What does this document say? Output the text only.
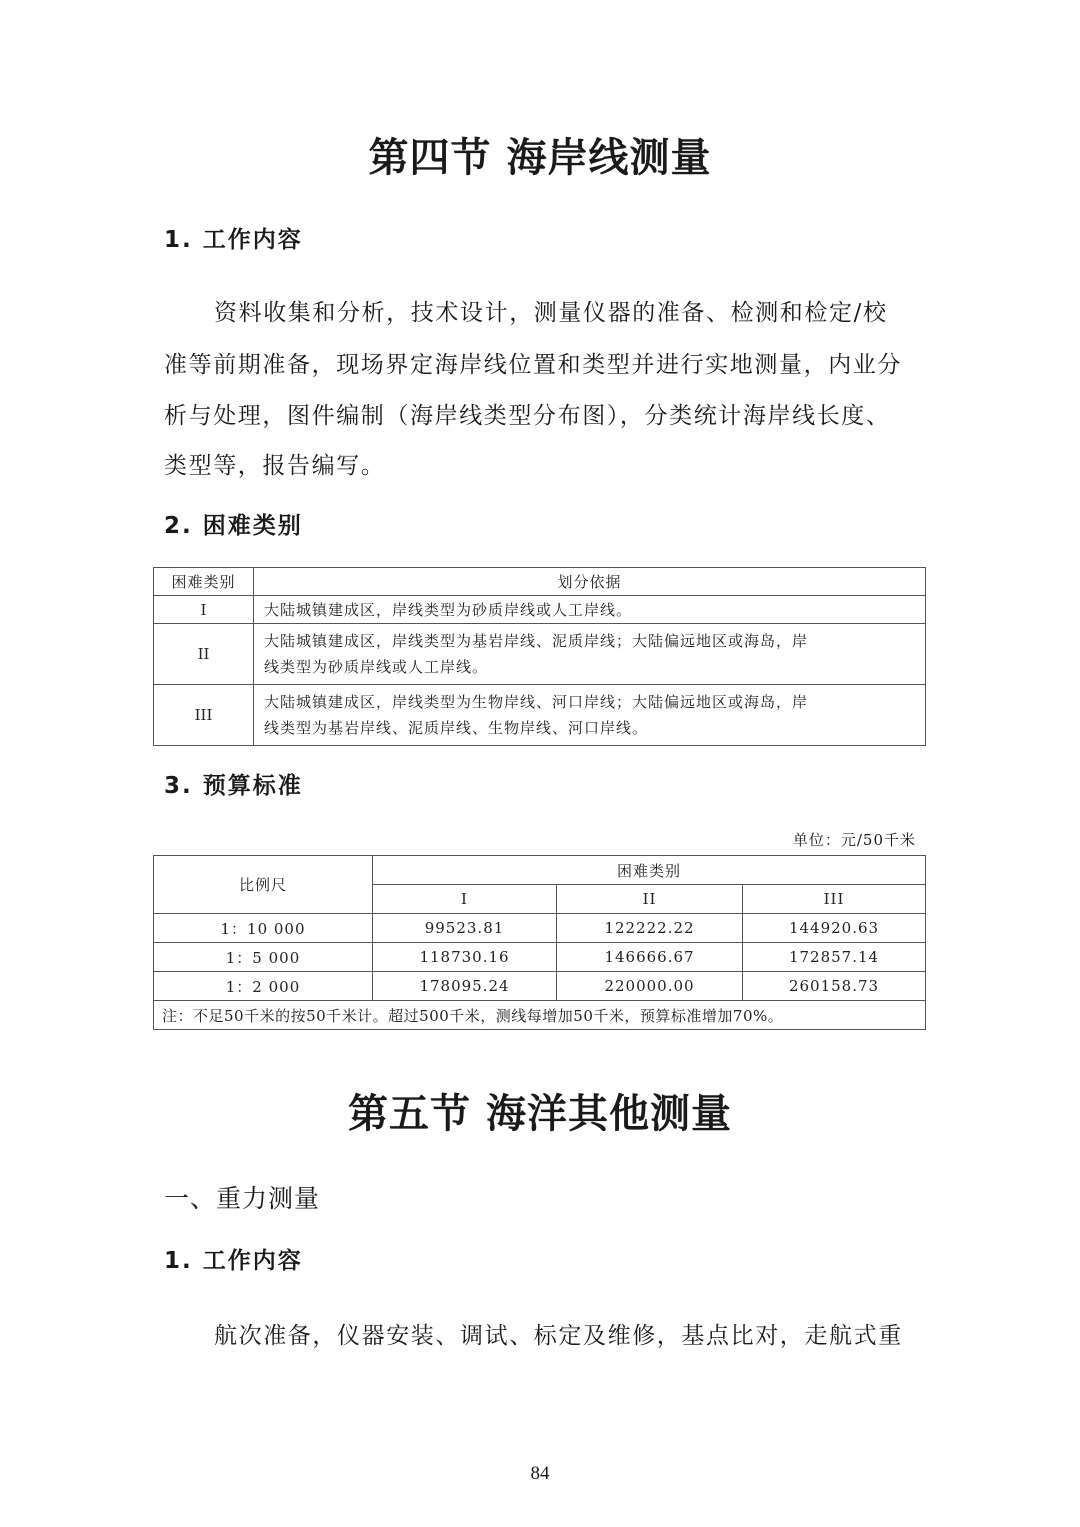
第四节 海岸线测量
1. 工作内容
资料收集和分析，技术设计，测量仪器的准备、检测和检定/校
准等前期准备，现场界定海岸线位置和类型并进行实地测量，内业分
析与处理，图件编制（海岸线类型分布图），分类统计海岸线长度、
类型等，报告编写。
2. 困难类别
困难类别	划分依据
I	大陆城镇建成区，岸线类型为砂质岸线或人工岸线。

II	大陆城镇建成区，岸线类型为基岩岸线、泥质岸线；大陆偏远地区或海岛，岸
线类型为砂质岸线或人工岸线。

III	大陆城镇建成区，岸线类型为生物岸线、河口岸线；大陆偏远地区或海岛，岸
线类型为基岩岸线、泥质岸线、生物岸线、河口岸线。
3. 预算标准
单位：元/50千米
比例尺	困难类别		
	I	II	III
1：10 000	99523.81	122222.22	144920.63
1：5 000	118730.16	146666.67	172857.14
1：2 000	178095.24	220000.00	260158.73
注：不足50千米的按50千米计。超过500千米，测线每增加50千米，预算标准增加70%。			
第五节 海洋其他测量
一、重力测量
1. 工作内容
航次准备，仪器安装、调试、标定及维修，基点比对，走航式重
84
